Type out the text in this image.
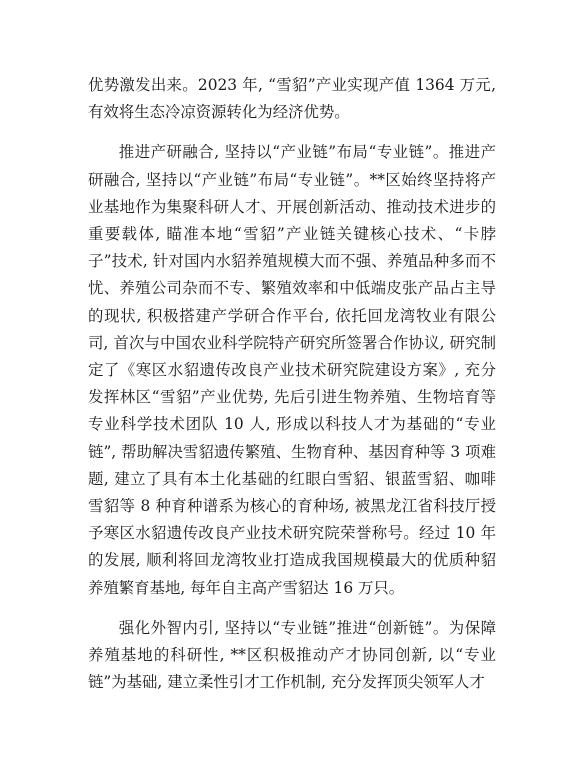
优势激发出来。2023 年, “雪貂”产业实现产值 1364 万元, 有效将生态冷凉资源转化为经济优势。

推进产研融合, 坚持以“产业链”布局“专业链”。推进产研融合, 坚持以“产业链”布局“专业链”。**区始终坚持将产业基地作为集聚科研人才、开展创新活动、推动技术进步的重要载体, 瞄准本地“雪貂”产业链关键核心技术、“卡脖子”技术, 针对国内水貂养殖规模大而不强、养殖品种多而不忧、养殖公司杂而不专、繁殖效率和中低端皮张产品占主导的现状, 积极搭建产学研合作平台, 依托回龙湾牧业有限公司, 首次与中国农业科学院特产研究所签署合作协议, 研究制定了《寒区水貂遗传改良产业技术研究院建设方案》, 充分发挥林区“雪貂”产业优势, 先后引进生物养殖、生物培育等专业科学技术团队 10 人, 形成以科技人才为基础的“专业链”, 帮助解决雪貂遗传繁殖、生物育种、基因育种等 3 项难题, 建立了具有本土化基础的红眼白雪貂、银蓝雪貂、咖啡雪貂等 8 种育种谱系为核心的育种场, 被黑龙江省科技厅授予寒区水貂遗传改良产业技术研究院荣誉称号。经过 10 年的发展, 顺利将回龙湾牧业打造成我国规模最大的优质种貂养殖繁育基地, 每年自主高产雪貂达 16 万只。

强化外智内引, 坚持以“专业链”推进“创新链”。为保障养殖基地的科研性, **区积极推动产才协同创新, 以“专业链”为基础, 建立柔性引才工作机制, 充分发挥顶尖领军人才
